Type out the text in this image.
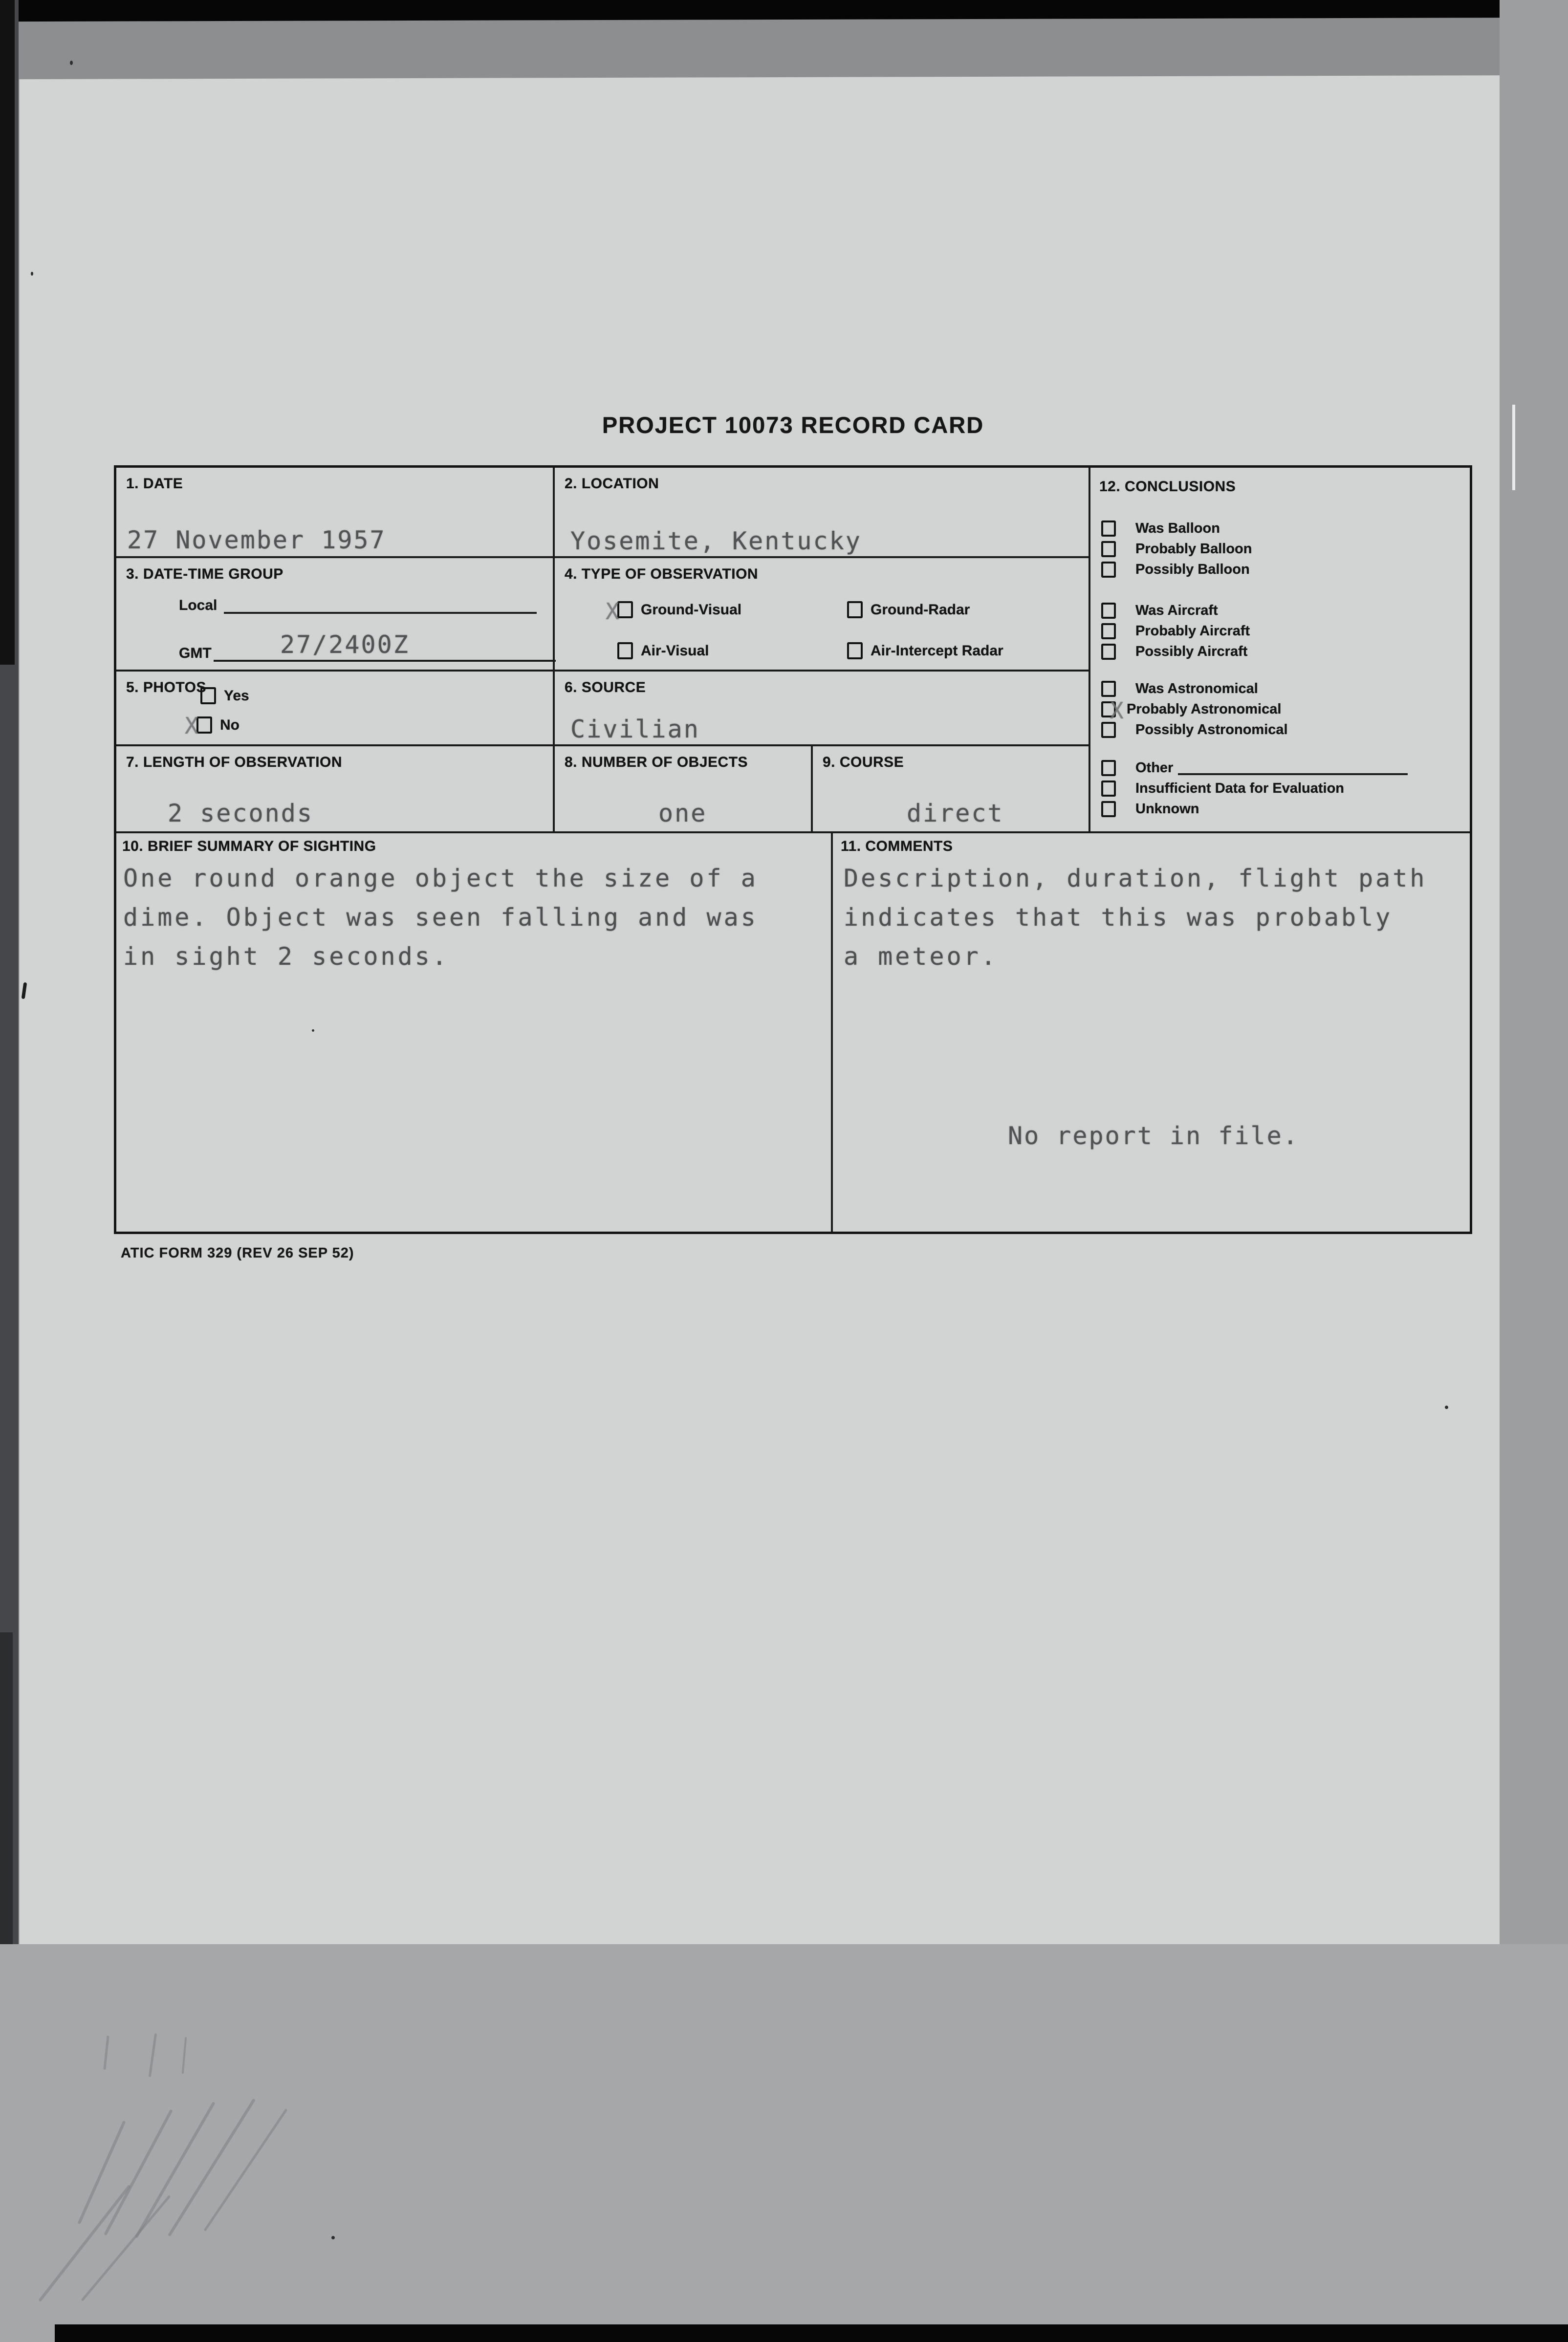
PROJECT 10073 RECORD CARD
1. DATE
27 November 1957
2. LOCATION
Yosemite, Kentucky
12. CONCLUSIONS
Was Balloon
Probably Balloon
Possibly Balloon
Was Aircraft
Probably Aircraft
Possibly Aircraft
Was Astronomical
X Probably Astronomical
Possibly Astronomical
Other
Insufficient Data for Evaluation
Unknown
3. DATE-TIME GROUP
Local
GMT	27/2400Z
4. TYPE OF OBSERVATION
X Ground-Visual	Ground-Radar
Air-Visual	Air-Intercept Radar
5. PHOTOS Yes
X No
6. SOURCE
Civilian
7. LENGTH OF OBSERVATION
2 seconds
8. NUMBER OF OBJECTS
one
9. COURSE
direct
10. BRIEF SUMMARY OF SIGHTING
One round orange object the size of a
dime. Object was seen falling and was
in sight 2 seconds.
11. COMMENTS
Description, duration, flight path
indicates that this was probably
a meteor.
No report in file.
ATIC FORM 329 (REV 26 SEP 52)
